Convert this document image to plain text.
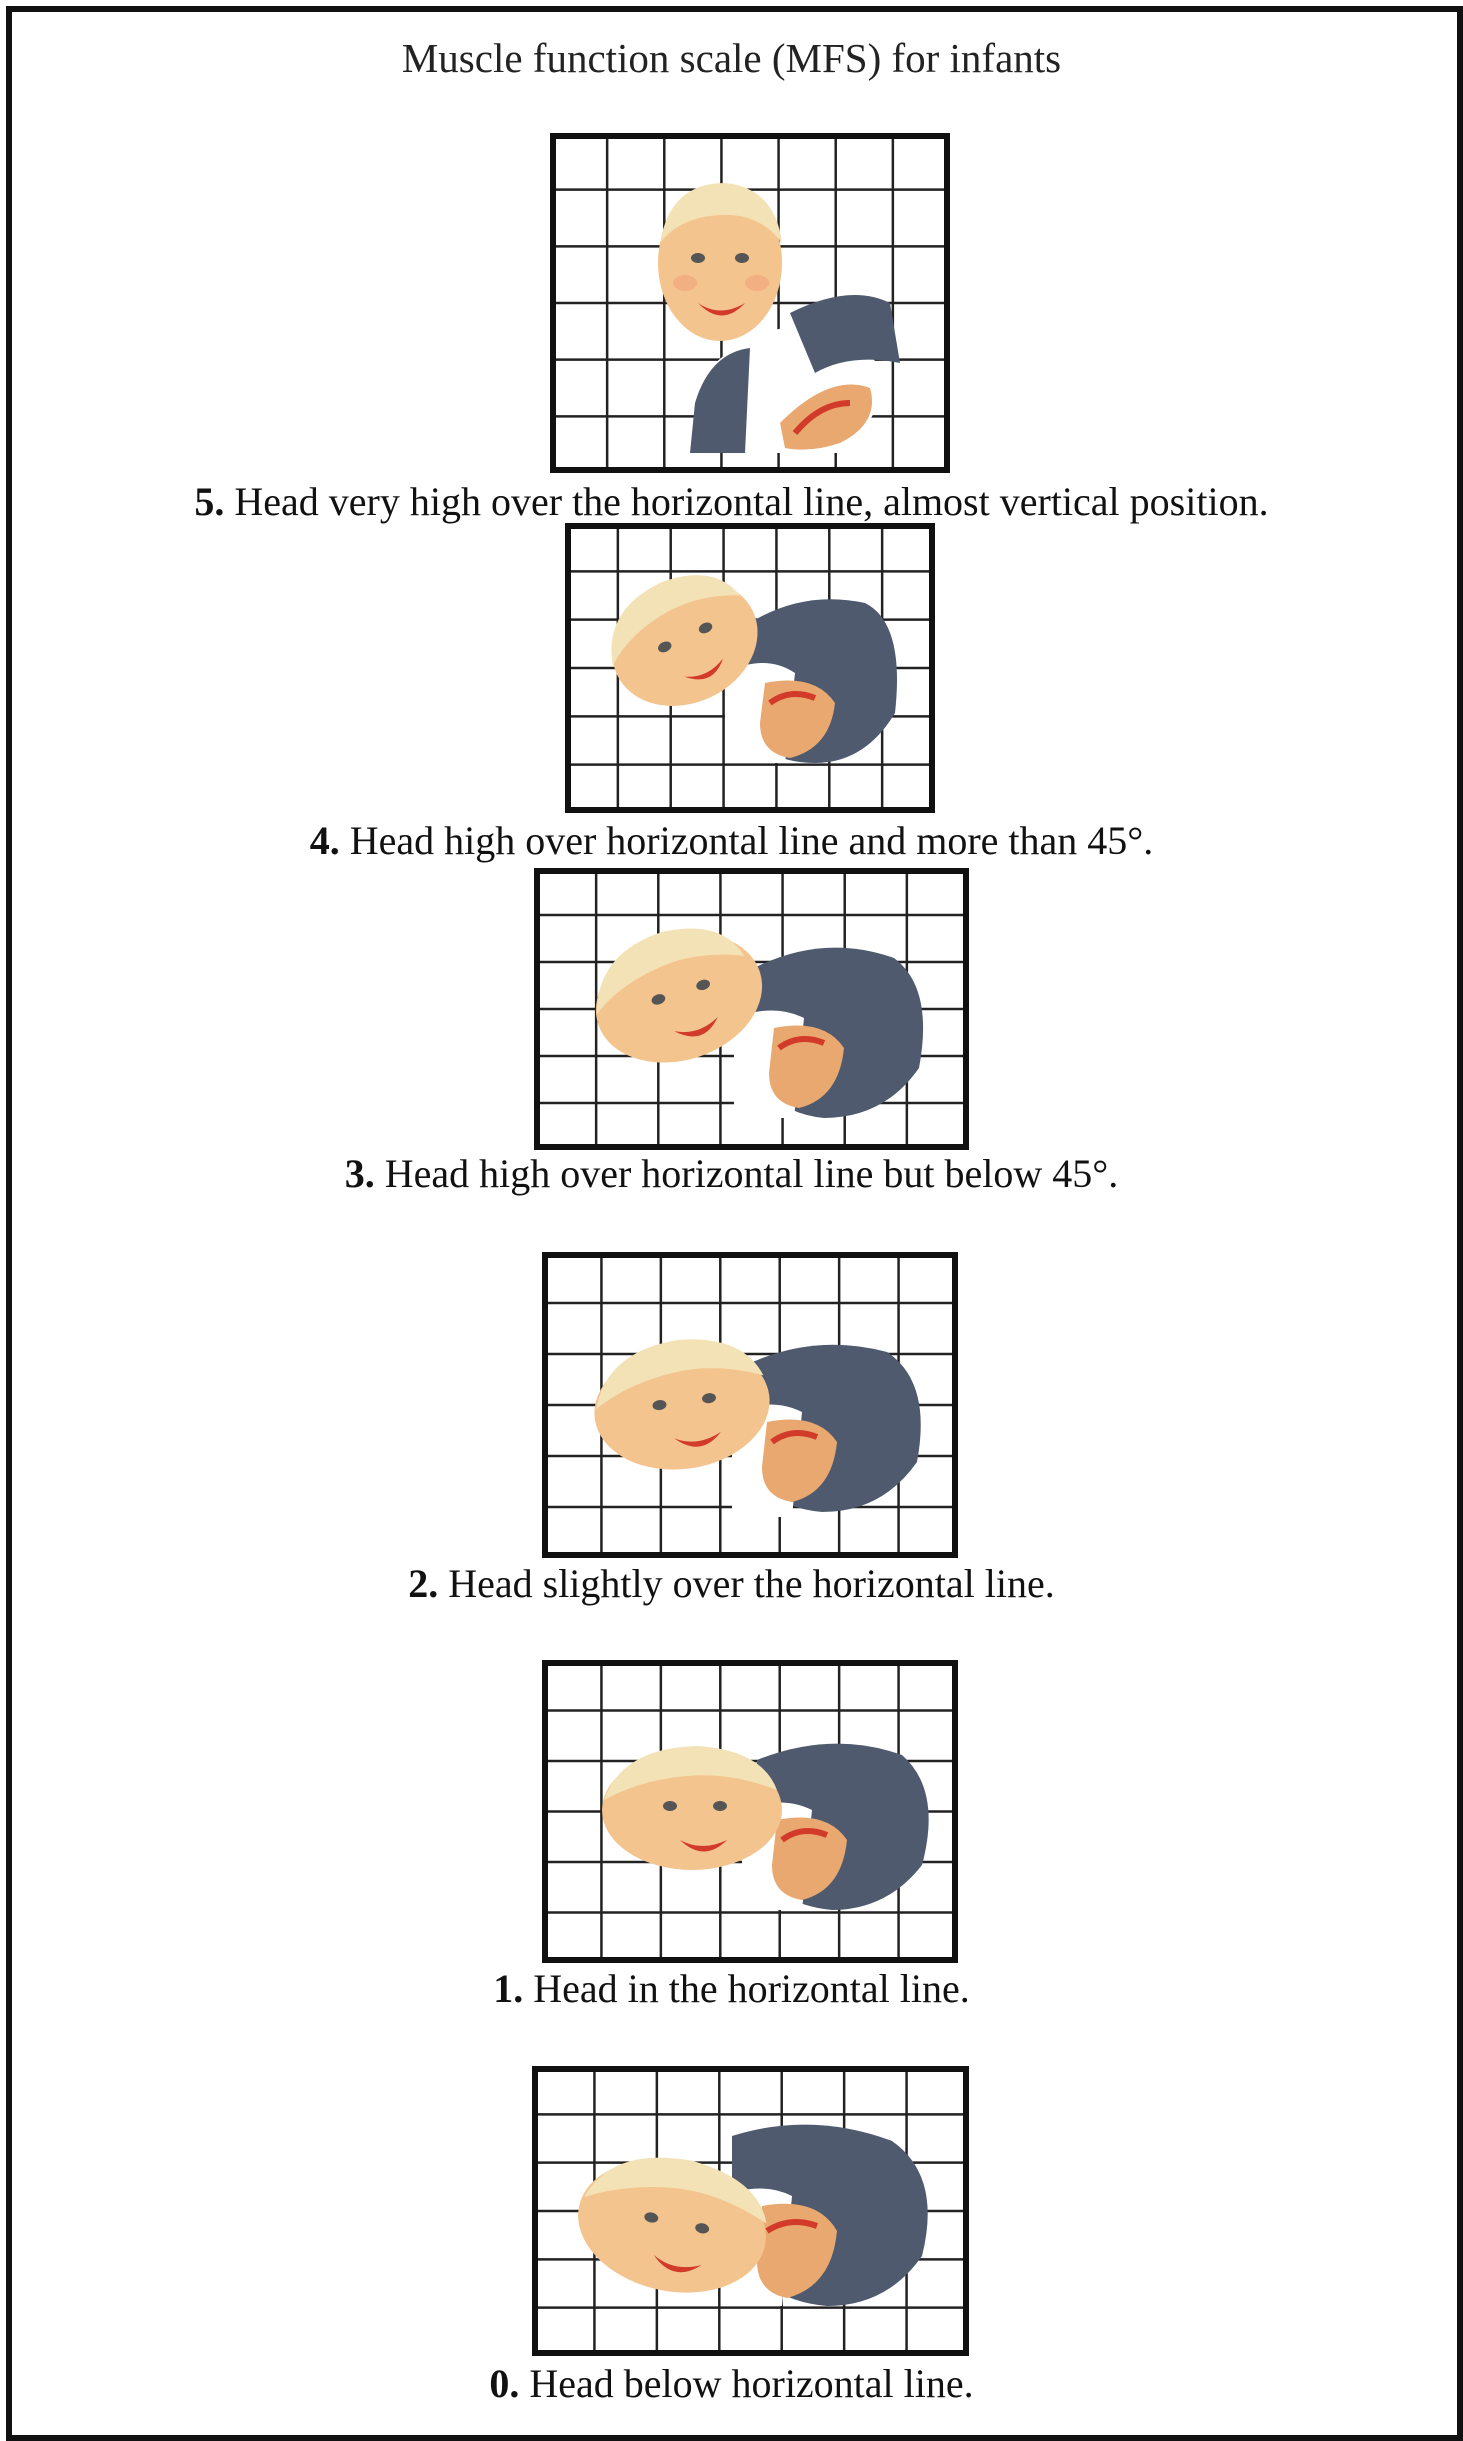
Muscle function scale (MFS) for infants
5. Head very high over the horizontal line, almost vertical position.
4. Head high over horizontal line and more than 45°.
3. Head high over horizontal line but below 45°.
2. Head slightly over the horizontal line.
1. Head in the horizontal line.
0. Head below horizontal line.
